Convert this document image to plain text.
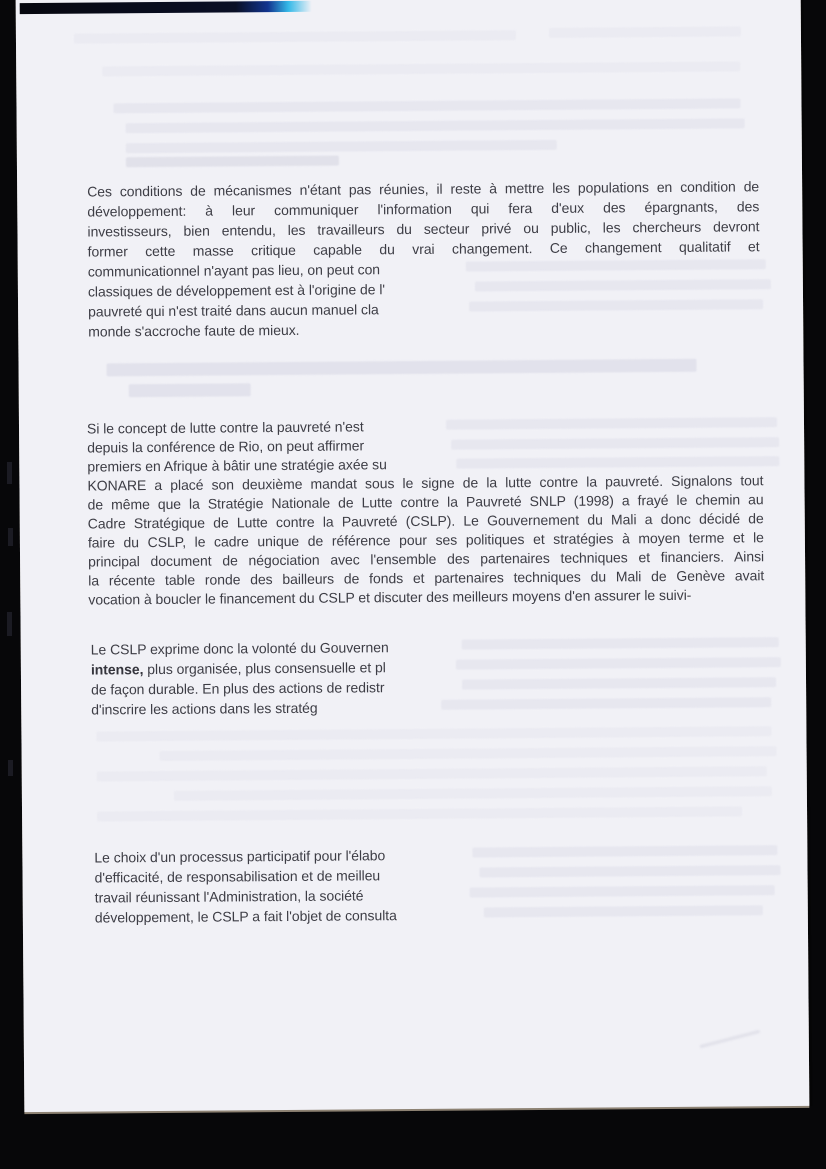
Ces conditions de mécanismes n'étant pas réunies, il reste à mettre les populations en condition de
développement: à leur communiquer l'information qui fera d'eux des épargnants, des
investisseurs, bien entendu, les travailleurs du secteur privé ou public, les chercheurs devront
former cette masse critique capable du vrai changement. Ce changement qualitatif et
communicationnel n'ayant pas lieu, on peut con
classiques de développement est à l'origine de l'
pauvreté qui n'est traité dans aucun manuel cla
monde s'accroche faute de mieux.
Si le concept de lutte contre la pauvreté n'est
depuis la conférence de Rio, on peut affirmer
premiers en Afrique à bâtir une stratégie axée su
KONARE a placé son deuxième mandat sous le signe de la lutte contre la pauvreté. Signalons tout
de même que la Stratégie Nationale de Lutte contre la Pauvreté SNLP (1998) a frayé le chemin au
Cadre Stratégique de Lutte contre la Pauvreté (CSLP). Le Gouvernement du Mali a donc décidé de
faire du CSLP, le cadre unique de référence pour ses politiques et stratégies à moyen terme et le
principal document de négociation avec l'ensemble des partenaires techniques et financiers. Ainsi
la récente table ronde des bailleurs de fonds et partenaires techniques du Mali de Genève avait
vocation à boucler le financement du CSLP et discuter des meilleurs moyens d'en assurer le suivi-
Le CSLP exprime donc la volonté du Gouvernen
intense, plus organisée, plus consensuelle et pl
de façon durable. En plus des actions de redistr
d'inscrire les actions dans les stratég
Le choix d'un processus participatif pour l'élabo
d'efficacité, de responsabilisation et de meilleu
travail réunissant l'Administration, la société
développement, le CSLP a fait l'objet de consulta
